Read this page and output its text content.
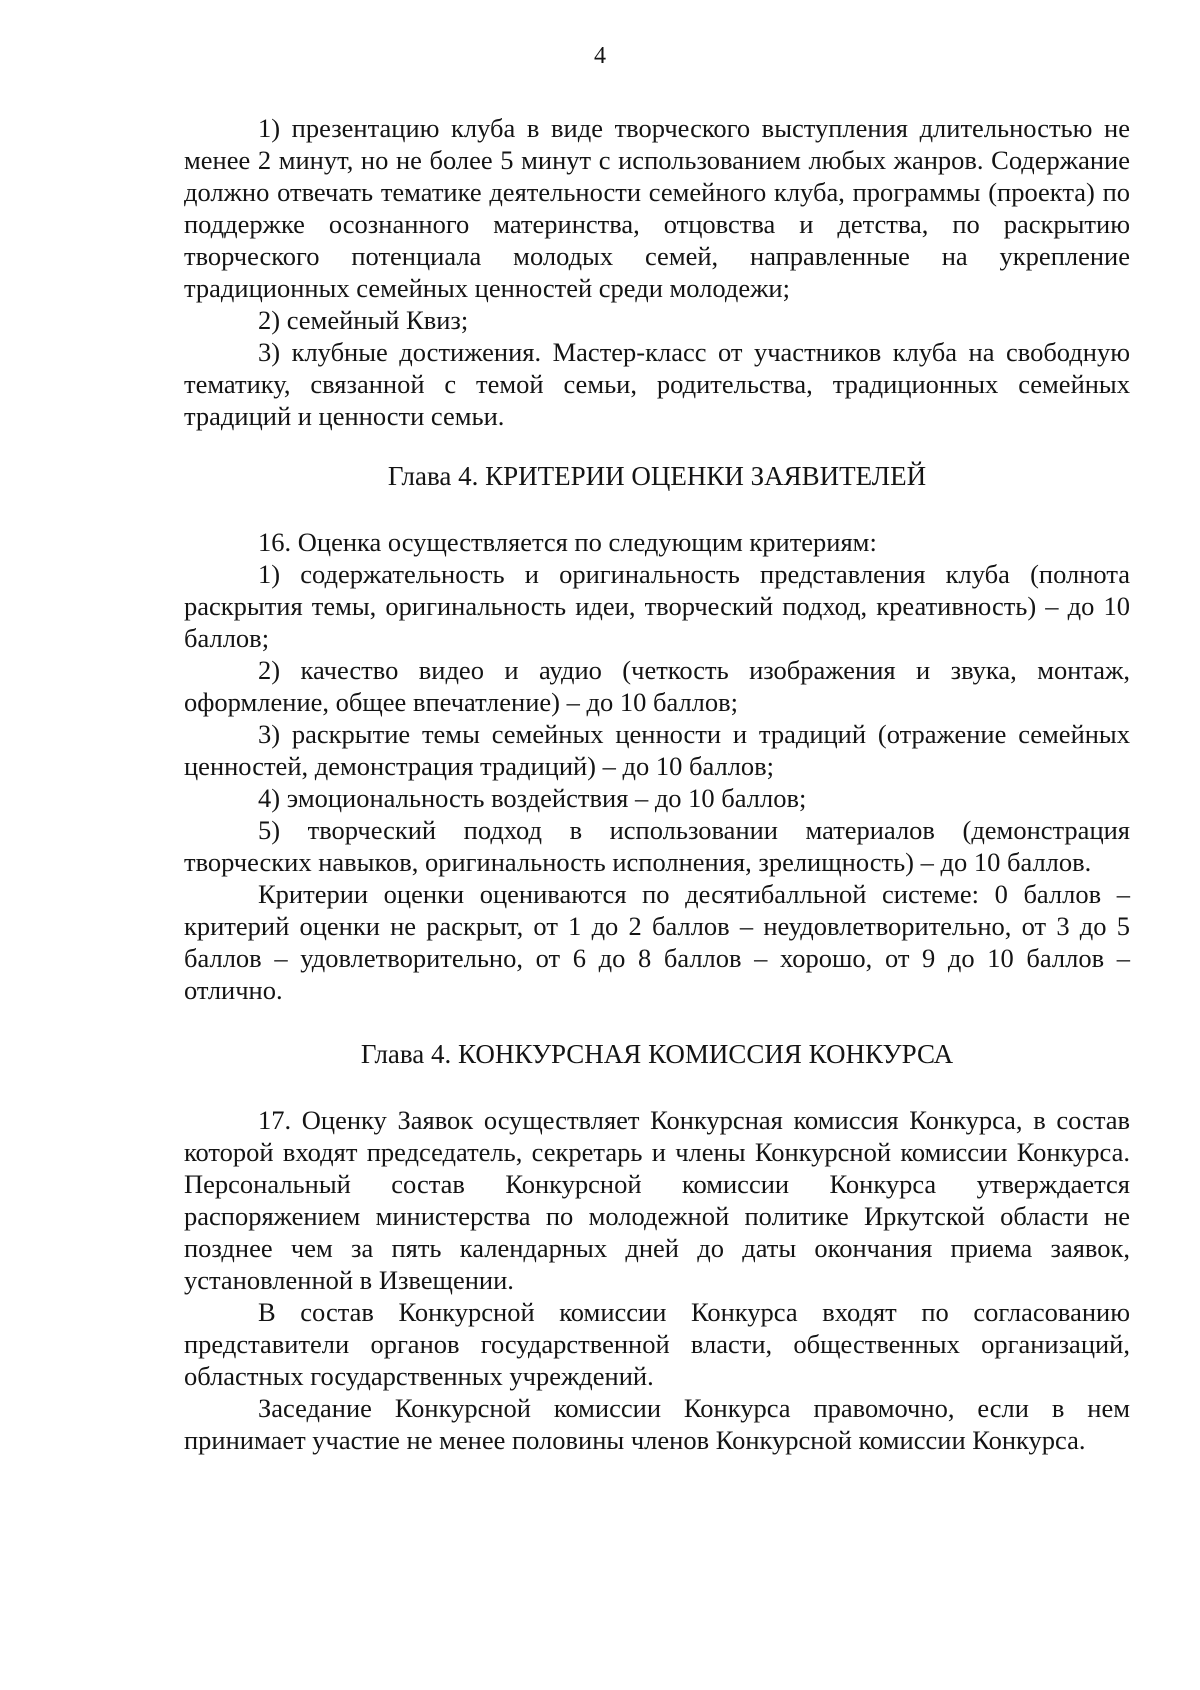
4

1) презентацию клуба в виде творческого выступления длительностью не менее 2 минут, но не более 5 минут с использованием любых жанров. Содержание должно отвечать тематике деятельности семейного клуба, программы (проекта) по поддержке осознанного материнства, отцовства и детства, по раскрытию творческого потенциала молодых семей, направленные на укрепление традиционных семейных ценностей среди молодежи;

2) семейный Квиз;

3) клубные достижения. Мастер-класс от участников клуба на свободную тематику, связанной с темой семьи, родительства, традиционных семейных традиций и ценности семьи.

Глава 4. КРИТЕРИИ ОЦЕНКИ ЗАЯВИТЕЛЕЙ

16. Оценка осуществляется по следующим критериям:

1) содержательность и оригинальность представления клуба (полнота раскрытия темы, оригинальность идеи, творческий подход, креативность) – до 10 баллов;

2) качество видео и аудио (четкость изображения и звука, монтаж, оформление, общее впечатление) – до 10 баллов;

3) раскрытие темы семейных ценности и традиций (отражение семейных ценностей, демонстрация традиций) – до 10 баллов;

4) эмоциональность воздействия – до 10 баллов;

5) творческий подход в использовании материалов (демонстрация творческих навыков, оригинальность исполнения, зрелищность) – до 10 баллов.

Критерии оценки оцениваются по десятибалльной системе: 0 баллов – критерий оценки не раскрыт, от 1 до 2 баллов – неудовлетворительно, от 3 до 5 баллов – удовлетворительно, от 6 до 8 баллов – хорошо, от 9 до 10 баллов – отлично.

Глава 4. КОНКУРСНАЯ КОМИССИЯ КОНКУРСА

17. Оценку Заявок осуществляет Конкурсная комиссия Конкурса, в состав которой входят председатель, секретарь и члены Конкурсной комиссии Конкурса. Персональный состав Конкурсной комиссии Конкурса утверждается распоряжением министерства по молодежной политике Иркутской области не позднее чем за пять календарных дней до даты окончания приема заявок, установленной в Извещении.

В состав Конкурсной комиссии Конкурса входят по согласованию представители органов государственной власти, общественных организаций, областных государственных учреждений.

Заседание Конкурсной комиссии Конкурса правомочно, если в нем принимает участие не менее половины членов Конкурсной комиссии Конкурса.
